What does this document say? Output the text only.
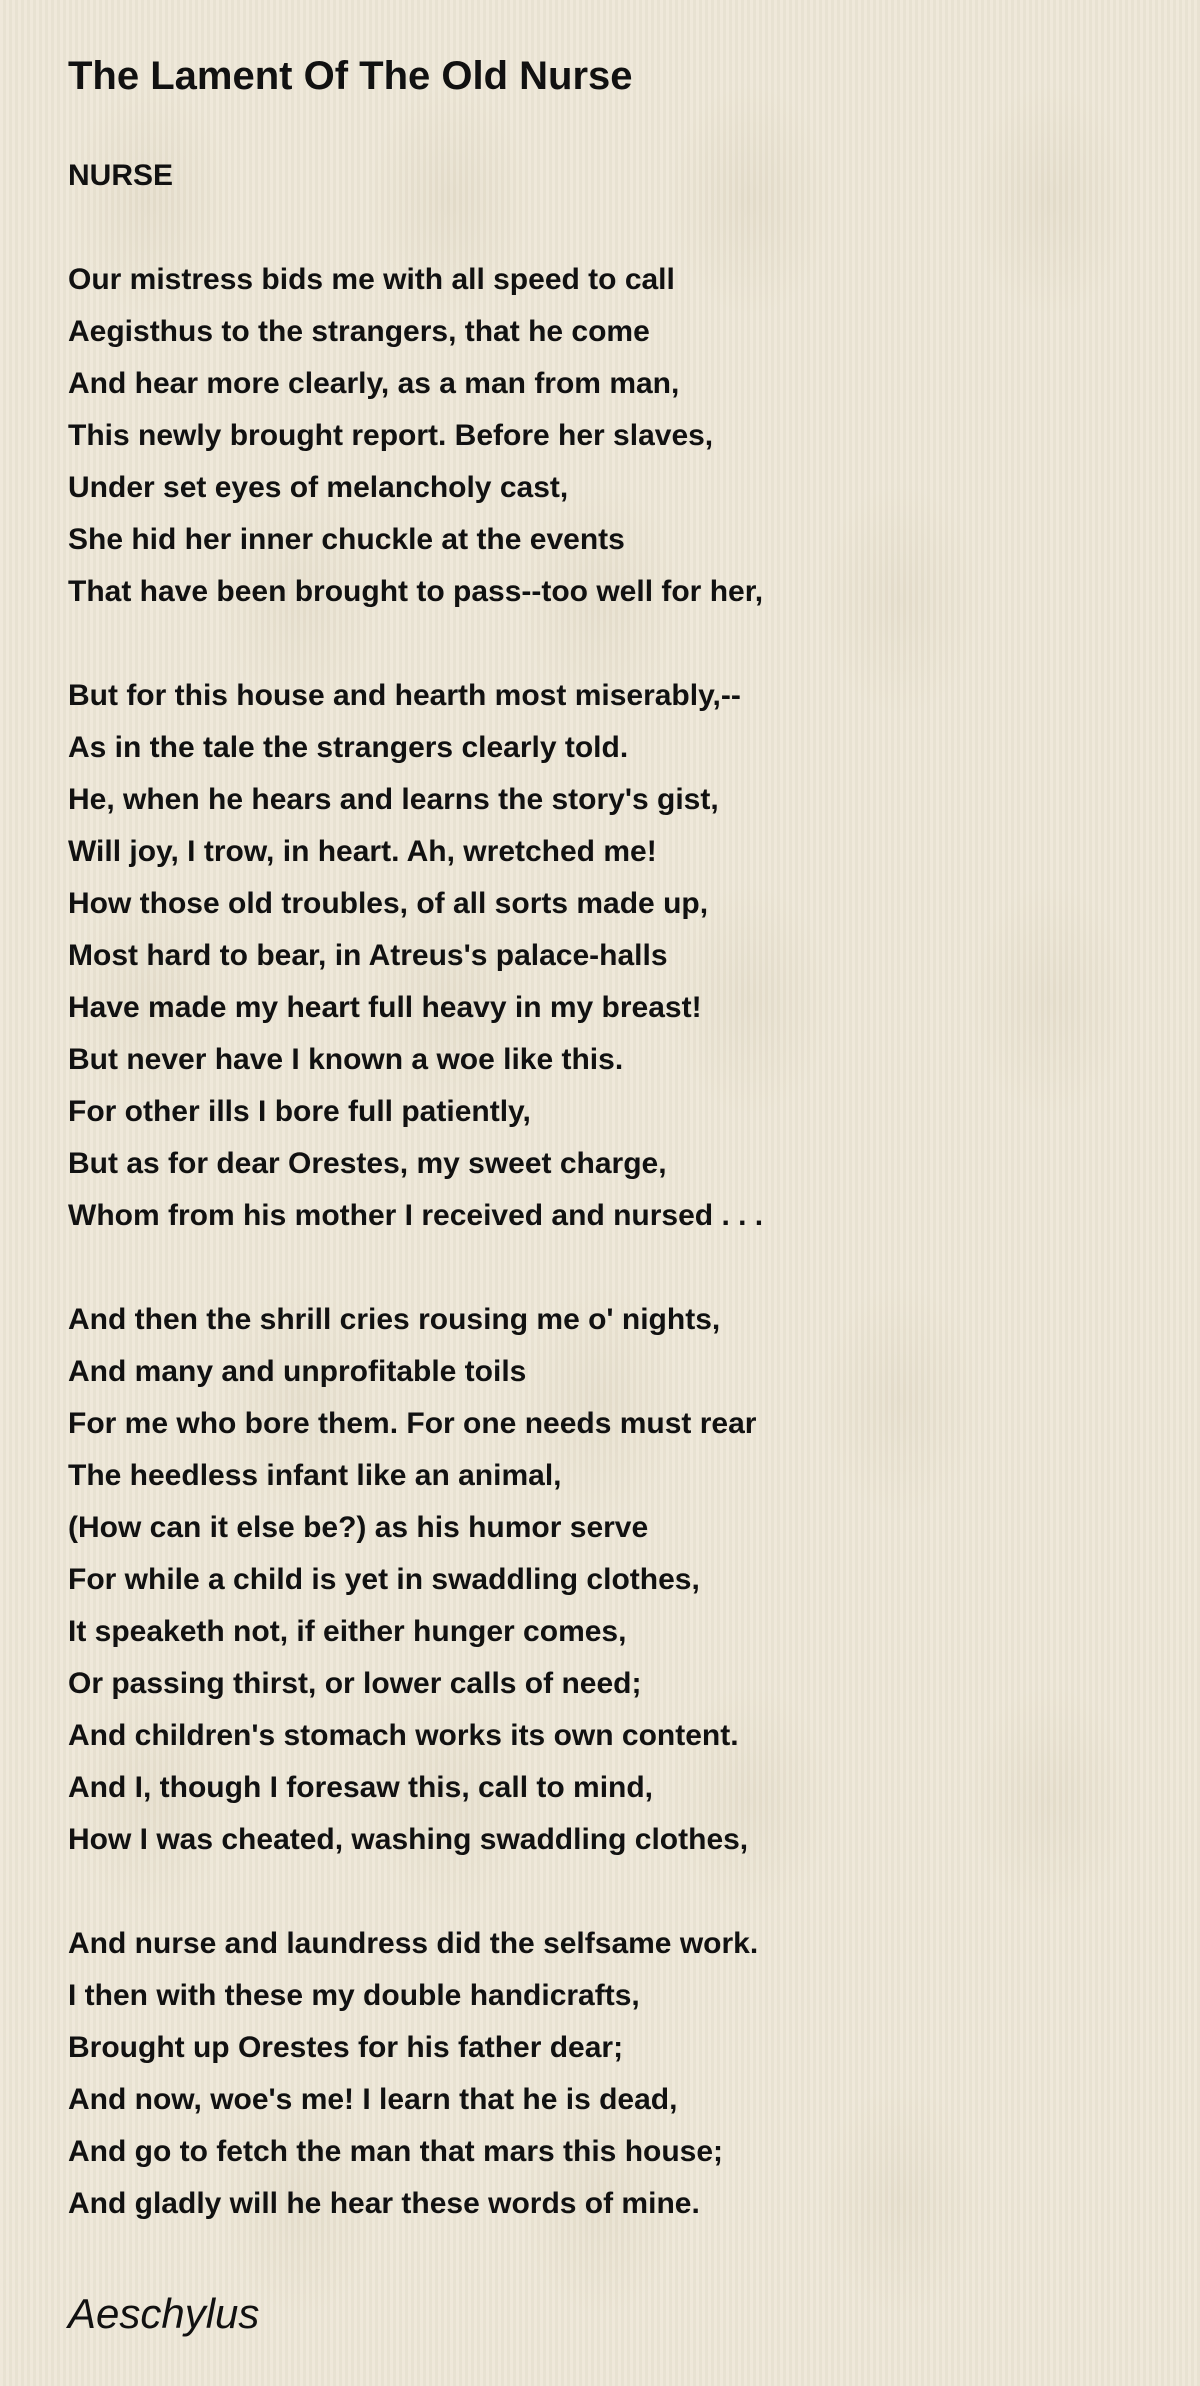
The Lament Of The Old Nurse
NURSE
Our mistress bids me with all speed to call
Aegisthus to the strangers, that he come
And hear more clearly, as a man from man,
This newly brought report. Before her slaves,
Under set eyes of melancholy cast,
She hid her inner chuckle at the events
That have been brought to pass--too well for her,
But for this house and hearth most miserably,--
As in the tale the strangers clearly told.
He, when he hears and learns the story's gist,
Will joy, I trow, in heart. Ah, wretched me!
How those old troubles, of all sorts made up,
Most hard to bear, in Atreus's palace-halls
Have made my heart full heavy in my breast!
But never have I known a woe like this.
For other ills I bore full patiently,
But as for dear Orestes, my sweet charge,
Whom from his mother I received and nursed . . .
And then the shrill cries rousing me o' nights,
And many and unprofitable toils
For me who bore them. For one needs must rear
The heedless infant like an animal,
(How can it else be?) as his humor serve
For while a child is yet in swaddling clothes,
It speaketh not, if either hunger comes,
Or passing thirst, or lower calls of need;
And children's stomach works its own content.
And I, though I foresaw this, call to mind,
How I was cheated, washing swaddling clothes,
And nurse and laundress did the selfsame work.
I then with these my double handicrafts,
Brought up Orestes for his father dear;
And now, woe's me! I learn that he is dead,
And go to fetch the man that mars this house;
And gladly will he hear these words of mine.
Aeschylus
